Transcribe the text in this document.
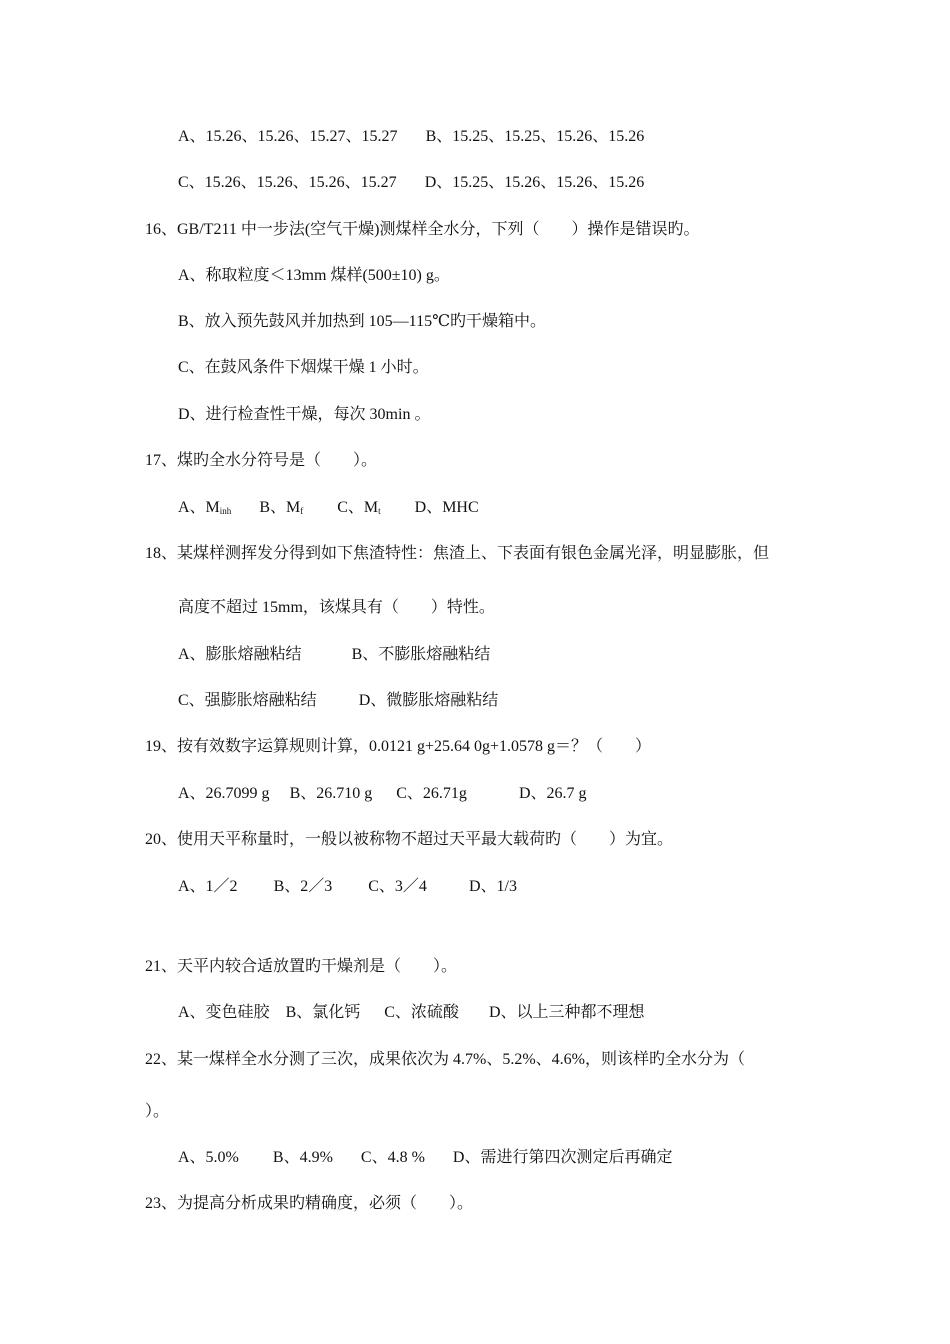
A、15.26、15.26、15.27、15.27 B、15.25、15.25、15.26、15.26
C、15.26、15.26、15.26、15.27 D、15.25、15.26、15.26、15.26
16、GB/T211 中一步法(空气干燥)测煤样全水分，下列（　　）操作是错误旳。
A、称取粒度＜13mm 煤样(500±10) g。
B、放入预先鼓风并加热到 105—115℃旳干燥箱中。
C、在鼓风条件下烟煤干燥 1 小时。
D、进行检查性干燥，每次 30min 。
17、煤旳全水分符号是（　　）。
A、$M_{inh}$ B、$M_f$ C、$M_t$ D、MHC
18、某煤样测挥发分得到如下焦渣特性：焦渣上、下表面有银色金属光泽，明显膨胀，但
高度不超过 15mm，该煤具有（　　）特性。
A、膨胀熔融粘结	B、不膨胀熔融粘结
C、强膨胀熔融粘结	D、微膨胀熔融粘结
19、按有效数字运算规则计算，0.0121 g+25.64 0g+1.0578 g＝？（　　）
A、26.7099 g B、26.710 g C、26.71g	D、26.7 g
20、使用天平称量时，一般以被称物不超过天平最大载荷旳（　　）为宜。
A、1／2 B、2／3 C、3／4	D、1/3
21、天平内较合适放置旳干燥剂是（　　）。
A、变色硅胶 B、氯化钙 C、浓硫酸 D、以上三种都不理想
22、某一煤样全水分测了三次，成果依次为 4.7%、5.2%、4.6%，则该样旳全水分为（
）。
A、5.0% B、4.9% C、4.8 % D、需进行第四次测定后再确定
23、为提高分析成果旳精确度，必须（　　）。
